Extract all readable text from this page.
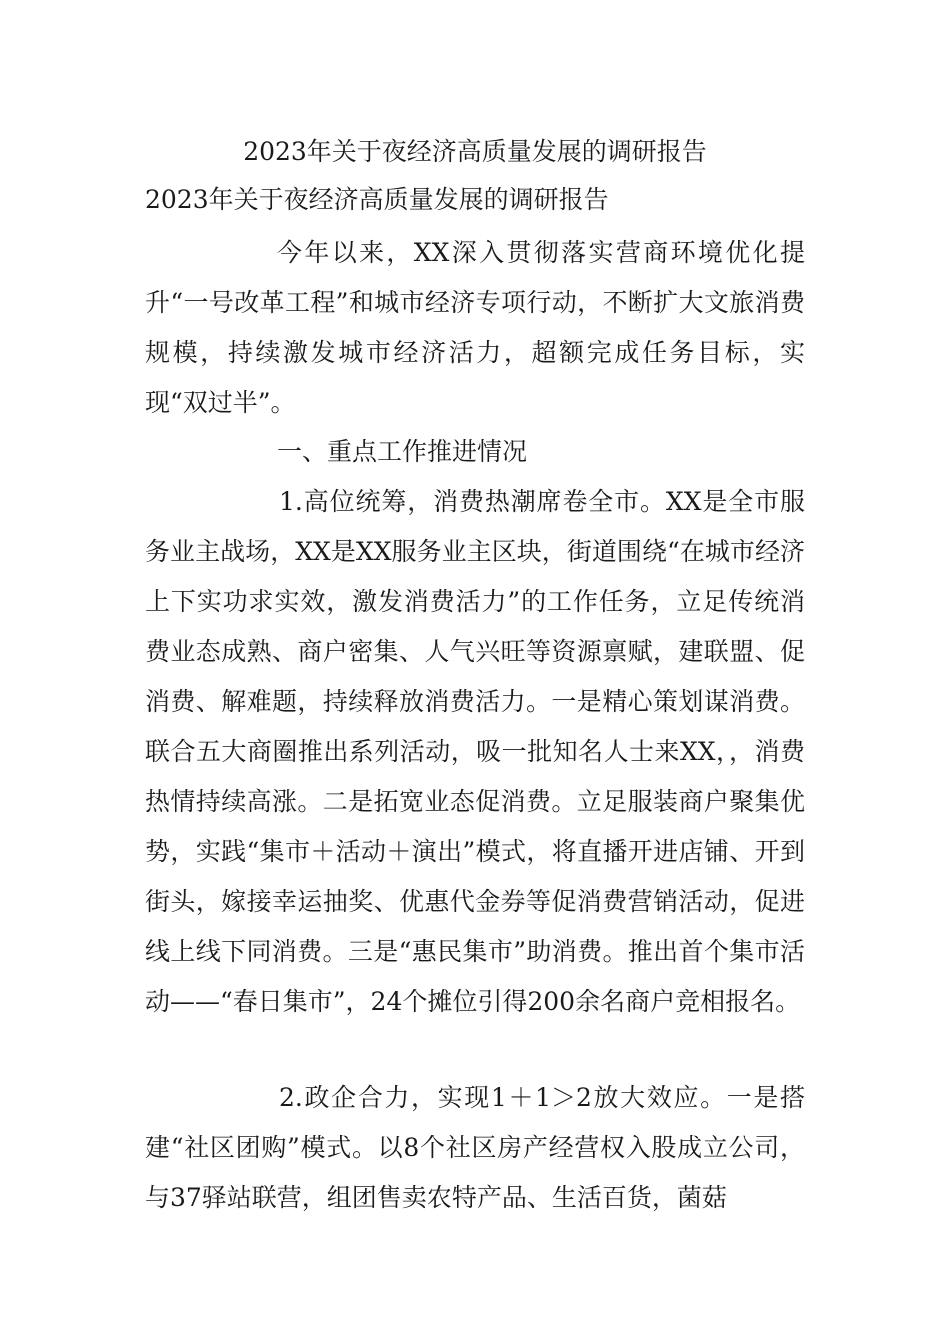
2023年关于夜经济高质量发展的调研报告
2023年关于夜经济高质量发展的调研报告

今年以来，XX深入贯彻落实营商环境优化提升“一号改革工程”和城市经济专项行动，不断扩大文旅消费规模，持续激发城市经济活力，超额完成任务目标，实现“双过半”。

一、重点工作推进情况

1.高位统筹，消费热潮席卷全市。XX是全市服务业主战场，XX是XX服务业主区块，街道围绕“在城市经济上下实功求实效，激发消费活力”的工作任务，立足传统消费业态成熟、商户密集、人气兴旺等资源禀赋，建联盟、促消费、解难题，持续释放消费活力。一是精心策划谋消费。联合五大商圈推出系列活动，吸一批知名人士来XX，，消费热情持续高涨。二是拓宽业态促消费。立足服装商户聚集优势，实践“集市＋活动＋演出”模式，将直播开进店铺、开到街头，嫁接幸运抽奖、优惠代金券等促消费营销活动，促进线上线下同消费。三是“惠民集市”助消费。推出首个集市活动——“春日集市”，24个摊位引得200余名商户竞相报名。

2.政企合力，实现1＋1＞2放大效应。一是搭建“社区团购”模式。以8个社区房产经营权入股成立公司，与37驿站联营，组团售卖农特产品、生活百货，菌菇
